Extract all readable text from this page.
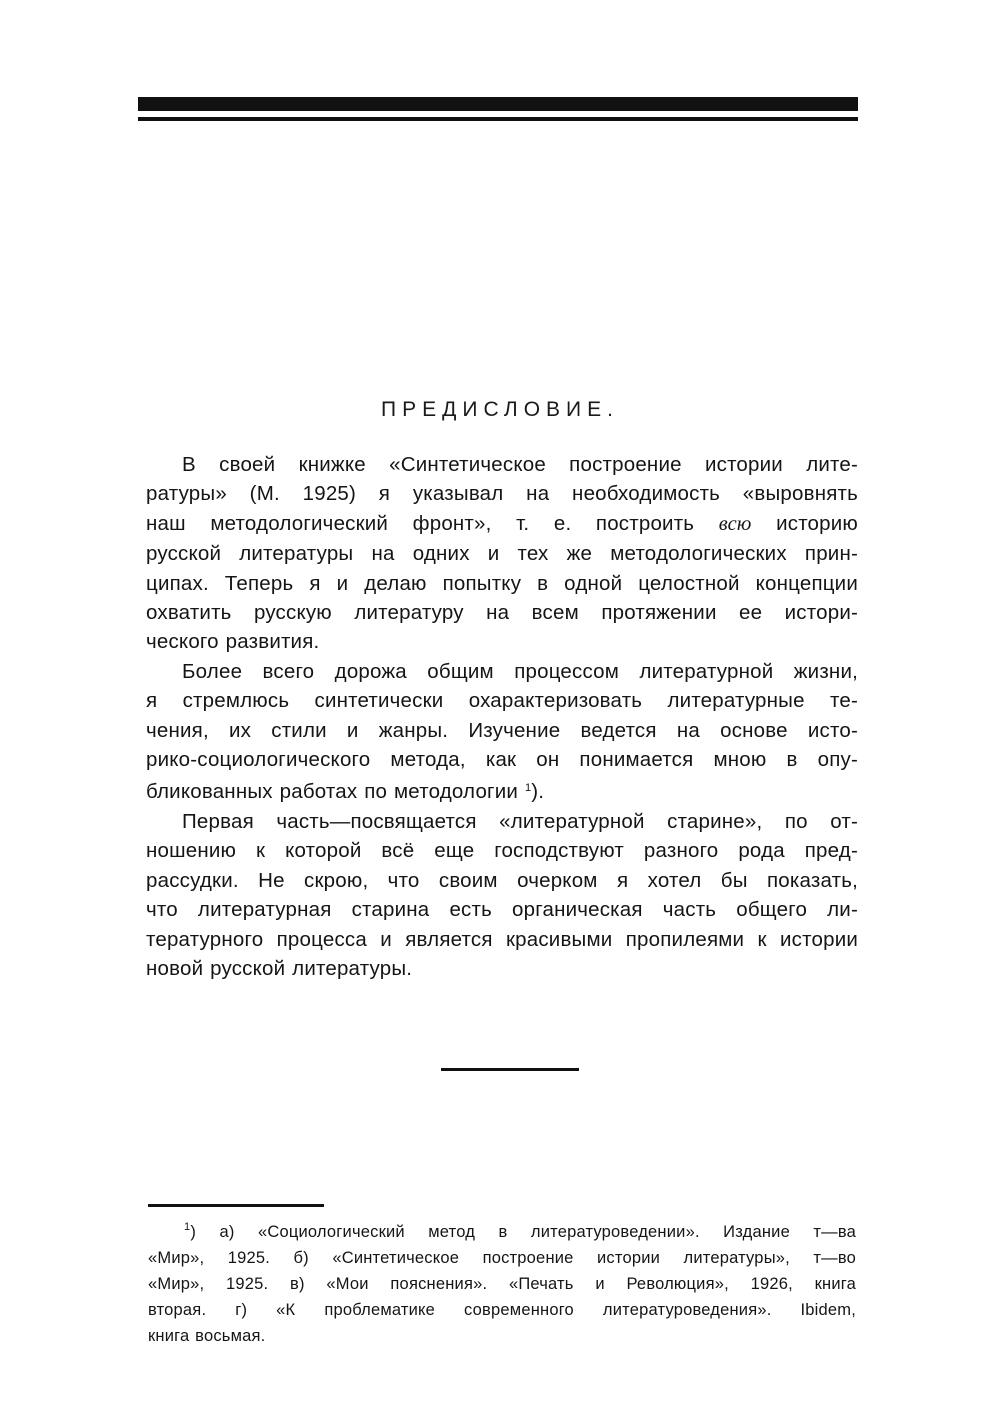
ПРЕДИСЛОВИЕ.
В своей книжке «Синтетическое построение истории лите-
ратуры» (М. 1925) я указывал на необходимость «выровнять
наш методологический фронт», т. е. построить всю историю
русской литературы на одних и тех же методологических прин-
ципах. Теперь я и делаю попытку в одной целостной концепции
охватить русскую литературу на всем протяжении ее истори-
ческого развития.
Более всего дорожа общим процессом литературной жизни,
я стремлюсь синтетически охарактеризовать литературные те-
чения, их стили и жанры. Изучение ведется на основе исто-
рико-социологического метода, как он понимается мною в опу-
бликованных работах по методологии $^1$).
Первая часть—посвящается «литературной старине», по от-
ношению к которой всё еще господствуют разного рода пред-
рассудки. Не скрою, что своим очерком я хотел бы показать,
что литературная старина есть органическая часть общего ли-
тературного процесса и является красивыми пропилеями к истории
новой русской литературы.
$^1$) а) «Социологический метод в литературоведении». Издание т—ва
«Мир», 1925. б) «Синтетическое построение истории литературы», т—во
«Мир», 1925. в) «Мои пояснения». «Печать и Революция», 1926, книга
вторая. г) «К проблематике современного литературоведения». Ibidem,
книга восьмая.
